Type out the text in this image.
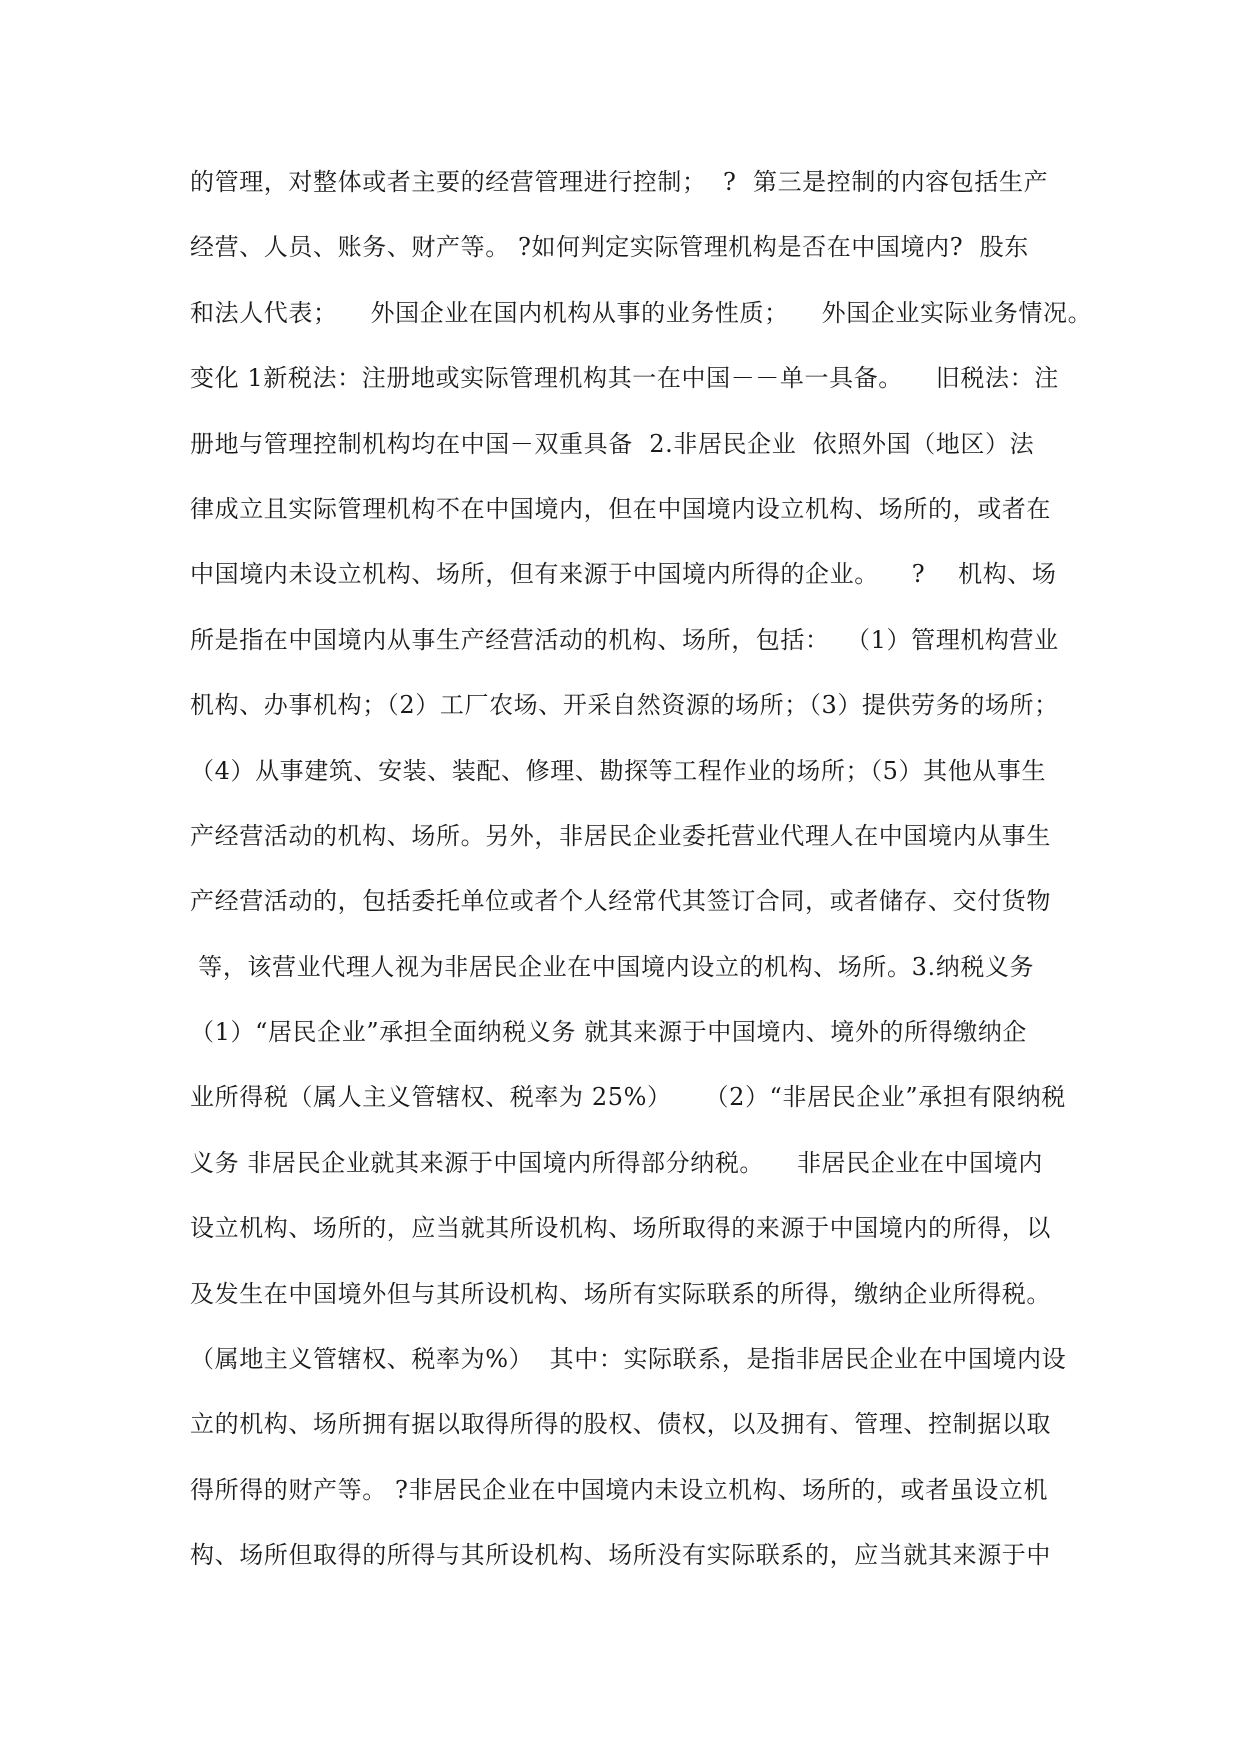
的管理，对整体或者主要的经营管理进行控制；  ?  第三是控制的内容包括生产
经营、人员、账务、财产等。 ?如何判定实际管理机构是否在中国境内?  股东
和法人代表；    外国企业在国内机构从事的业务性质；    外国企业实际业务情况。
变化 1新税法：注册地或实际管理机构其一在中国－－单一具备。    旧税法：注
册地与管理控制机构均在中国－双重具备  2.非居民企业  依照外国（地区）法
律成立且实际管理机构不在中国境内，但在中国境内设立机构、场所的，或者在
中国境内未设立机构、场所，但有来源于中国境内所得的企业。    ?    机构、场
所是指在中国境内从事生产经营活动的机构、场所，包括：  （1）管理机构营业
机构、办事机构；（2）工厂农场、开采自然资源的场所；（3）提供劳务的场所；
（4）从事建筑、安装、装配、修理、勘探等工程作业的场所；（5）其他从事生
产经营活动的机构、场所。另外，非居民企业委托营业代理人在中国境内从事生
产经营活动的，包括委托单位或者个人经常代其签订合同，或者储存、交付货物
等，该营业代理人视为非居民企业在中国境内设立的机构、场所。3.纳税义务
（1）“居民企业”承担全面纳税义务 就其来源于中国境内、境外的所得缴纳企
业所得税（属人主义管辖权、税率为 25%）    （2）“非居民企业”承担有限纳税
义务 非居民企业就其来源于中国境内所得部分纳税。    非居民企业在中国境内
设立机构、场所的，应当就其所设机构、场所取得的来源于中国境内的所得，以
及发生在中国境外但与其所设机构、场所有实际联系的所得，缴纳企业所得税。
（属地主义管辖权、税率为%）  其中：实际联系，是指非居民企业在中国境内设
立的机构、场所拥有据以取得所得的股权、债权，以及拥有、管理、控制据以取
得所得的财产等。 ?非居民企业在中国境内未设立机构、场所的，或者虽设立机
构、场所但取得的所得与其所设机构、场所没有实际联系的，应当就其来源于中
